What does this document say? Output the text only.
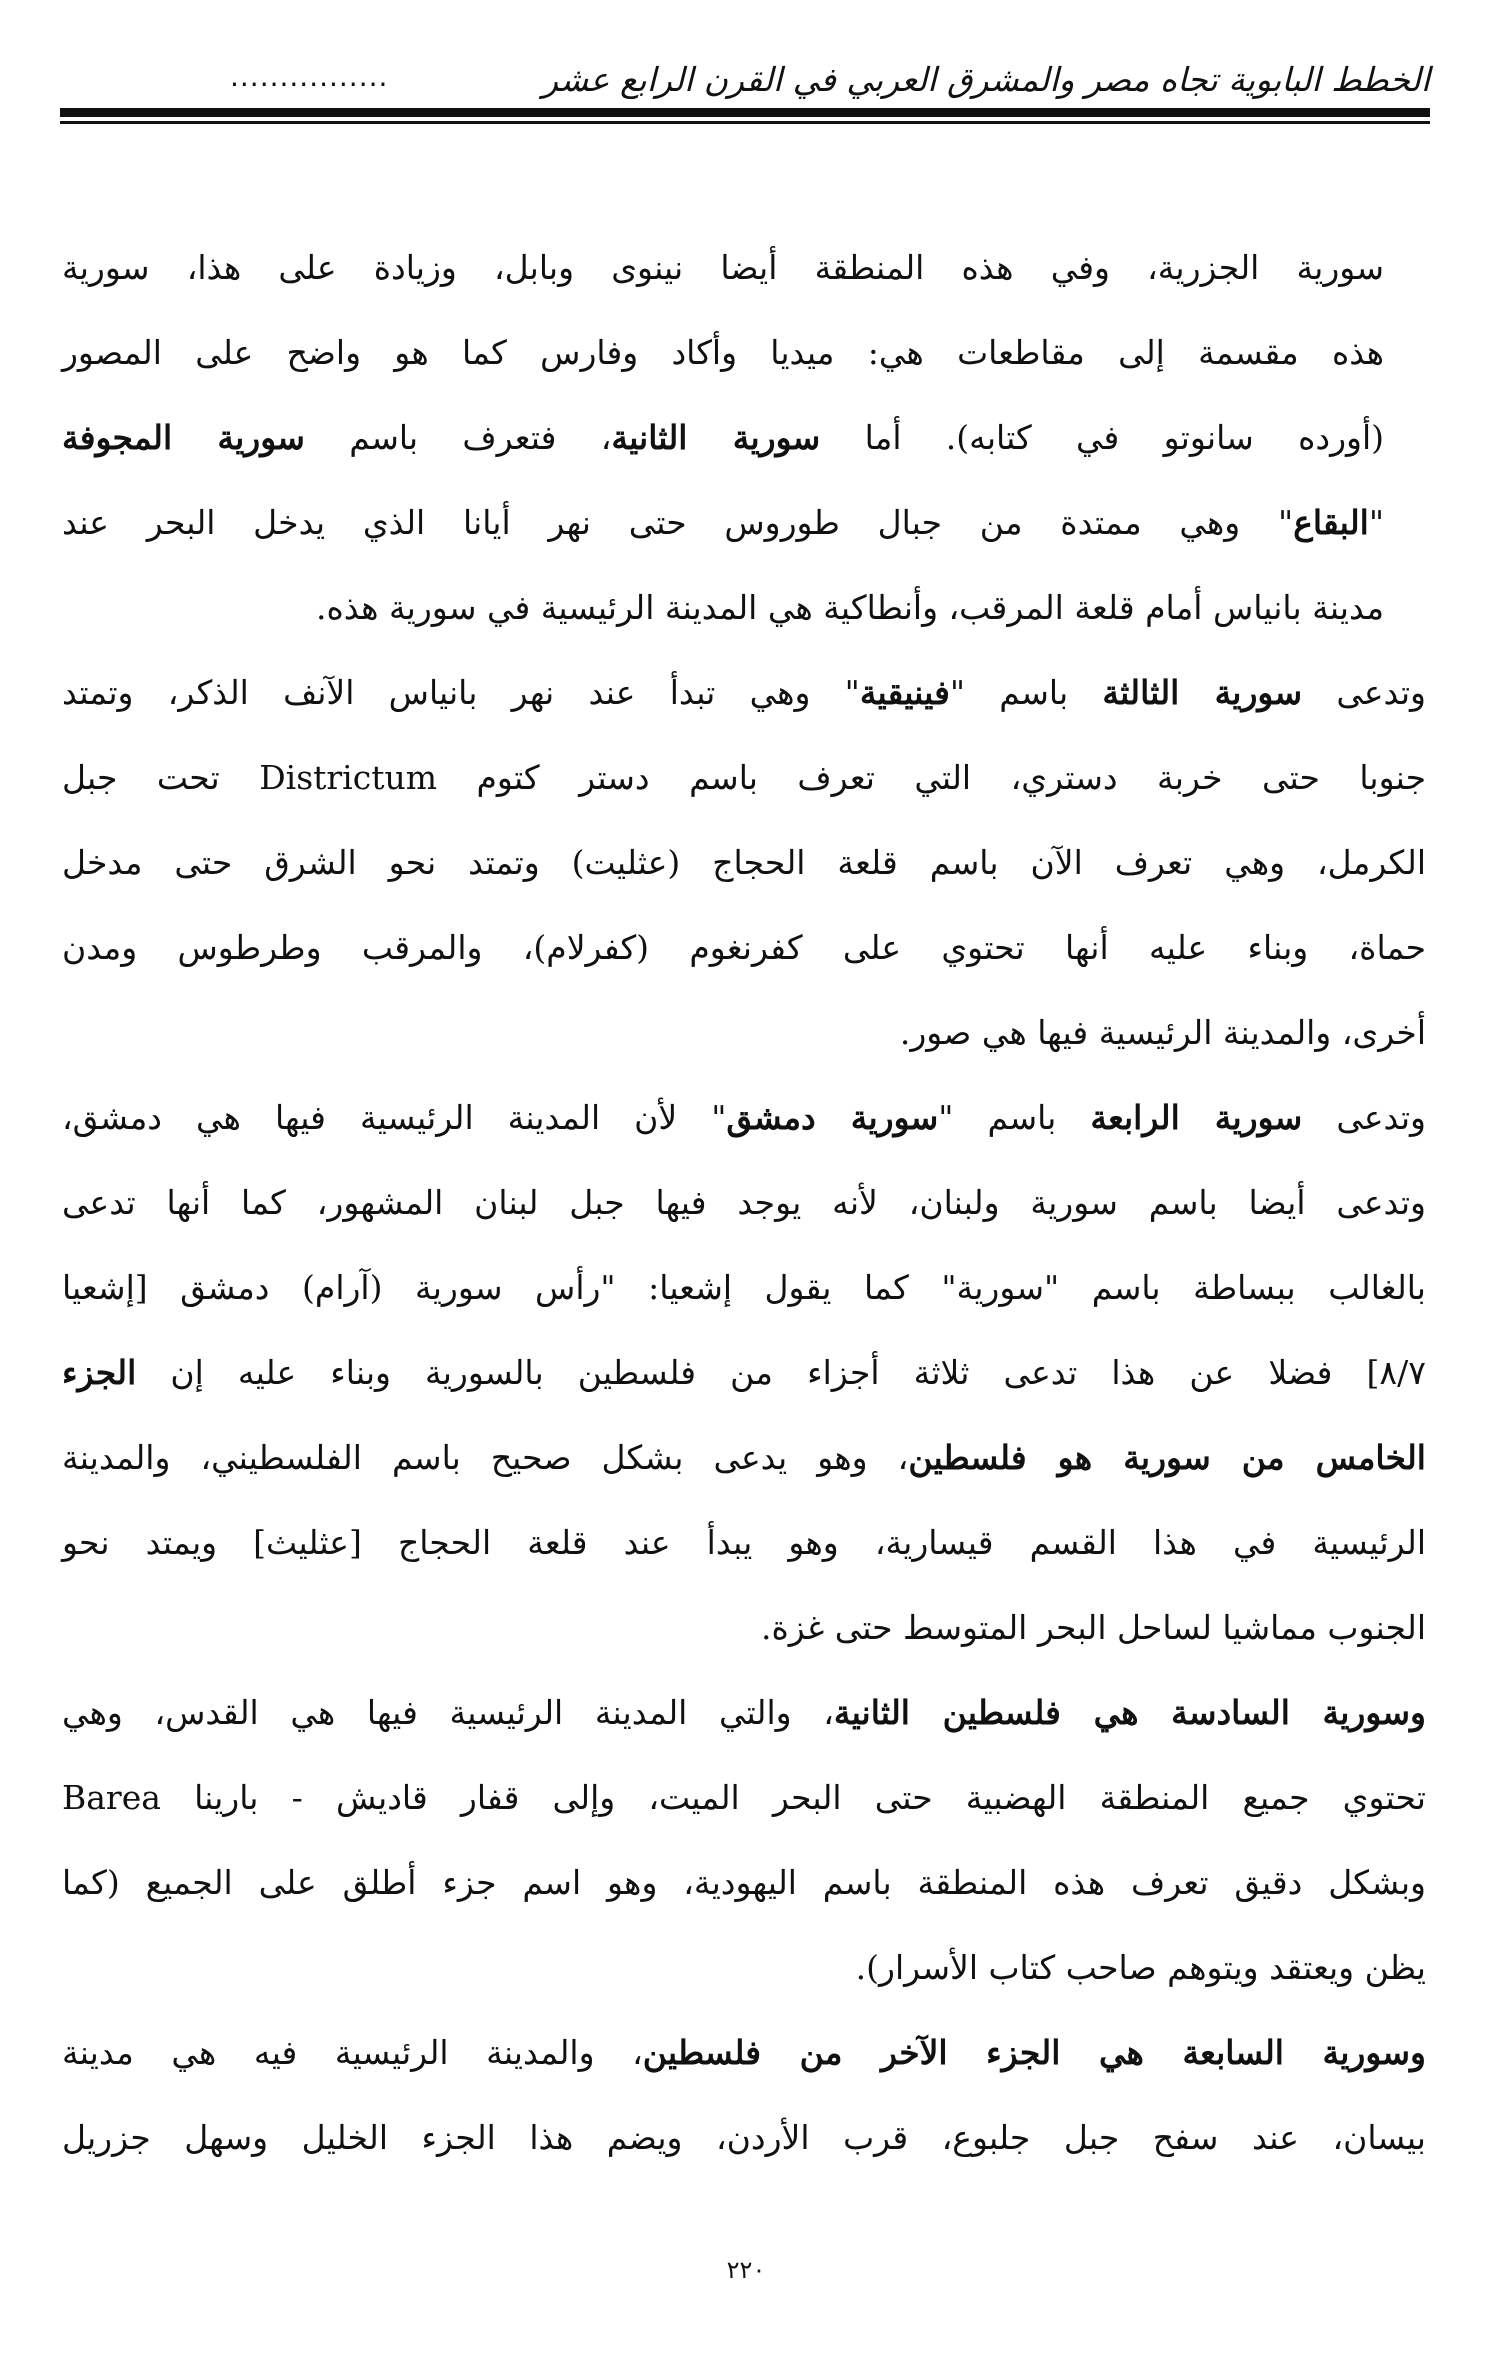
الخطط البابوية تجاه مصر والمشرق العربي في القرن الرابع عشر
................
سورية الجزرية، وفي هذه المنطقة أيضا نينوى وبابل، وزيادة على هذا، سورية
هذه مقسمة إلى مقاطعات هي: ميديا وأكاد وفارس كما هو واضح على المصور
(أورده سانوتو في كتابه). أما سورية الثانية، فتعرف باسم سورية المجوفة
"البقاع" وهي ممتدة من جبال طوروس حتى نهر أيانا الذي يدخل البحر عند
مدينة بانياس أمام قلعة المرقب، وأنطاكية هي المدينة الرئيسية في سورية هذه.
وتدعى سورية الثالثة باسم "فينيقية" وهي تبدأ عند نهر بانياس الآنف الذكر، وتمتد
جنوبا حتى خربة دستري، التي تعرف باسم دستر كتوم Districtum تحت جبل
الكرمل، وهي تعرف الآن باسم قلعة الحجاج (عثليت) وتمتد نحو الشرق حتى مدخل
حماة، وبناء عليه أنها تحتوي على كفرنغوم (كفرلام)، والمرقب وطرطوس ومدن
أخرى، والمدينة الرئيسية فيها هي صور.
وتدعى سورية الرابعة باسم "سورية دمشق" لأن المدينة الرئيسية فيها هي دمشق،
وتدعى أيضا باسم سورية ولبنان، لأنه يوجد فيها جبل لبنان المشهور، كما أنها تدعى
بالغالب ببساطة باسم "سورية" كما يقول إشعيا: "رأس سورية (آرام) دمشق [إشعيا
٨/٧] فضلا عن هذا تدعى ثلاثة أجزاء من فلسطين بالسورية وبناء عليه إن الجزء
الخامس من سورية هو فلسطين، وهو يدعى بشكل صحيح باسم الفلسطيني، والمدينة
الرئيسية في هذا القسم قيسارية، وهو يبدأ عند قلعة الحجاج [عثليث] ويمتد نحو
الجنوب مماشيا لساحل البحر المتوسط حتى غزة.
وسورية السادسة هي فلسطين الثانية، والتي المدينة الرئيسية فيها هي القدس، وهي
تحتوي جميع المنطقة الهضبية حتى البحر الميت، وإلى قفار قاديش - بارينا Barea
وبشكل دقيق تعرف هذه المنطقة باسم اليهودية، وهو اسم جزء أطلق على الجميع (كما
يظن ويعتقد ويتوهم صاحب كتاب الأسرار).
وسورية السابعة هي الجزء الآخر من فلسطين، والمدينة الرئيسية فيه هي مدينة
بيسان، عند سفح جبل جلبوع، قرب الأردن، ويضم هذا الجزء الخليل وسهل جزريل
٢٢٠
